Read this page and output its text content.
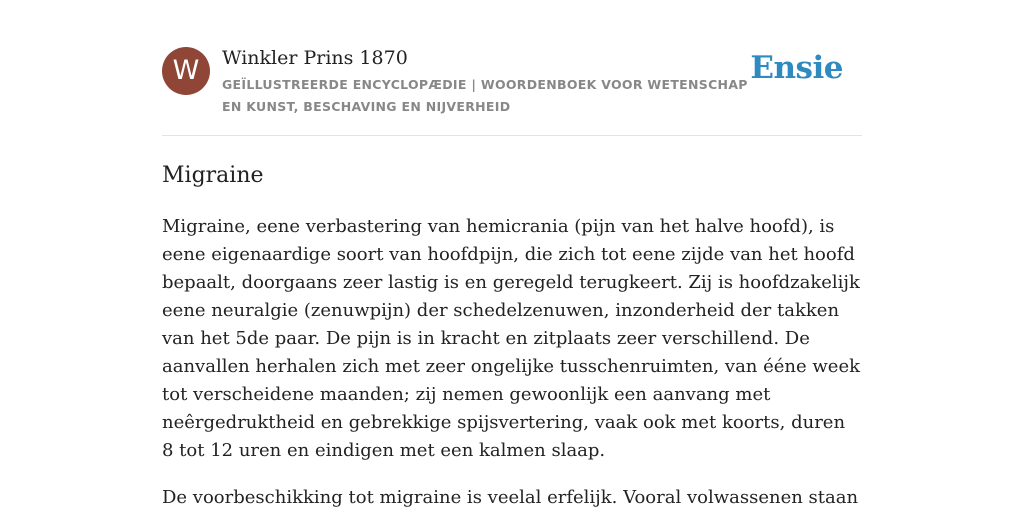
W	Winkler Prins 1870
GEÏLLUSTREERDE ENCYCLOPÆDIE | WOORDENBOEK VOOR WETENSCHAP EN KUNST, BESCHAVING EN NIJVERHEID
Ensie
Migraine

Migraine, eene verbastering van hemicrania (pijn van het halve hoofd), is eene eigenaardige soort van hoofdpijn, die zich tot eene zijde van het hoofd bepaalt, doorgaans zeer lastig is en geregeld terugkeert. Zij is hoofdzakelijk eene neuralgie (zenuwpijn) der schedelzenuwen, inzonderheid der takken van het 5de paar. De pijn is in kracht en zitplaats zeer verschillend. De aanvallen herhalen zich met zeer ongelijke tusschenruimten, van ééne week tot verscheidene maanden; zij nemen gewoonlijk een aanvang met neêrgedruktheid en gebrekkige spijsvertering, vaak ook met koorts, duren 8 tot 12 uren en eindigen met een kalmen slaap.

De voorbeschikking tot migraine is veelal erfelijk. Vooral volwassenen staan
